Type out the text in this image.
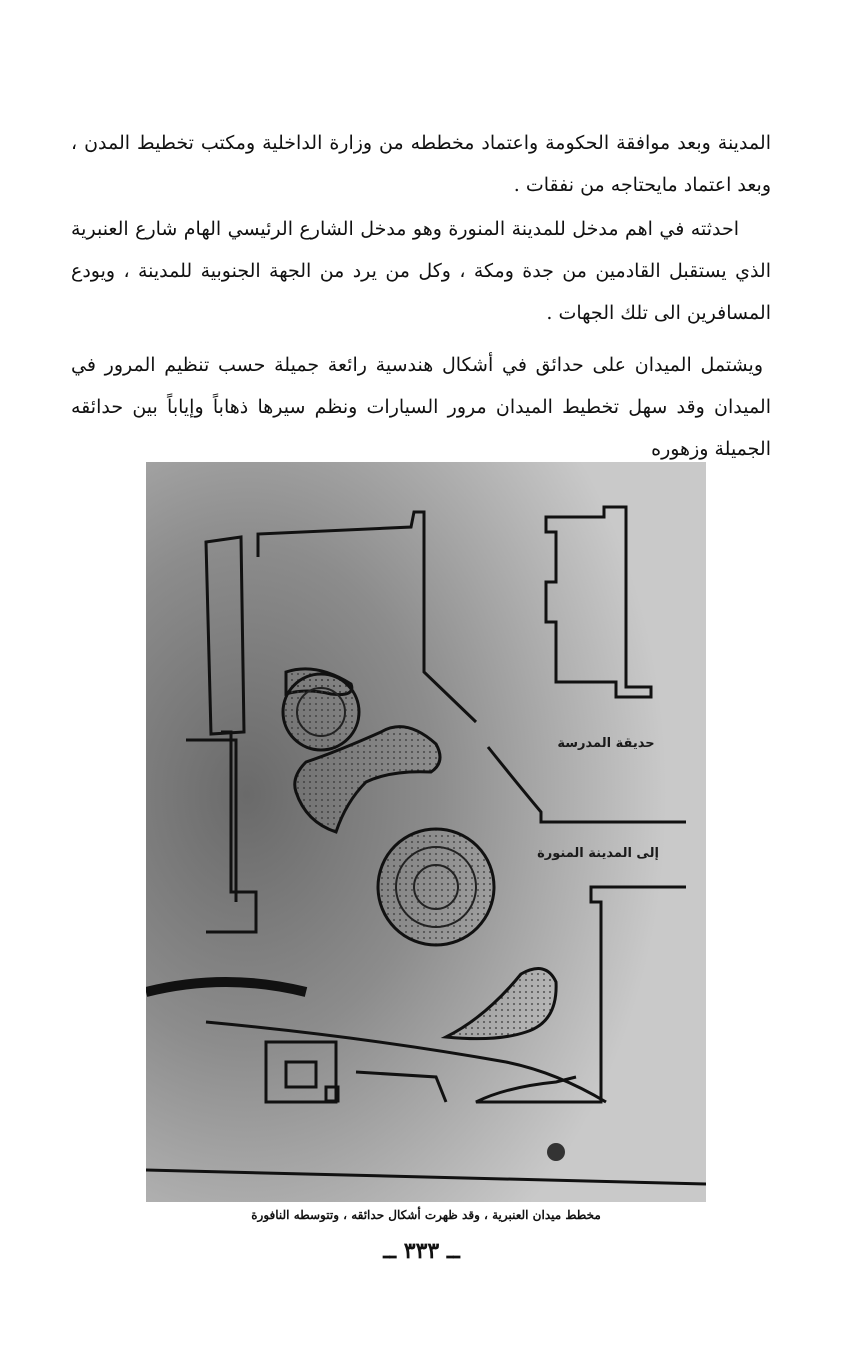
المدينة وبعد موافقة الحكومة واعتماد مخططه من وزارة الداخلية ومكتب تخطيط المدن ، وبعد اعتماد مايحتاجه من نفقات .

احدثته في اهم مدخل للمدينة المنورة وهو مدخل الشارع الرئيسي الهام شارع العنبرية الذي يستقبل القادمين من جدة ومكة ، وكل من يرد من الجهة الجنوبية للمدينة ، ويودع المسافرين الى تلك الجهات .

ويشتمل الميدان على حدائق في أشكال هندسية رائعة جميلة حسب تنظيم المرور في الميدان وقد سهل تخطيط الميدان مرور السيارات ونظم سيرها ذهاباً وإياباً بين حدائقه الجميلة وزهوره

حديقة المدرسة
إلى المدينة المنورة
مخطط ميدان العنبرية ، وقد ظهرت أشكال حدائقه ، وتتوسطه النافورة
ــ ٣٣٣ ــ
